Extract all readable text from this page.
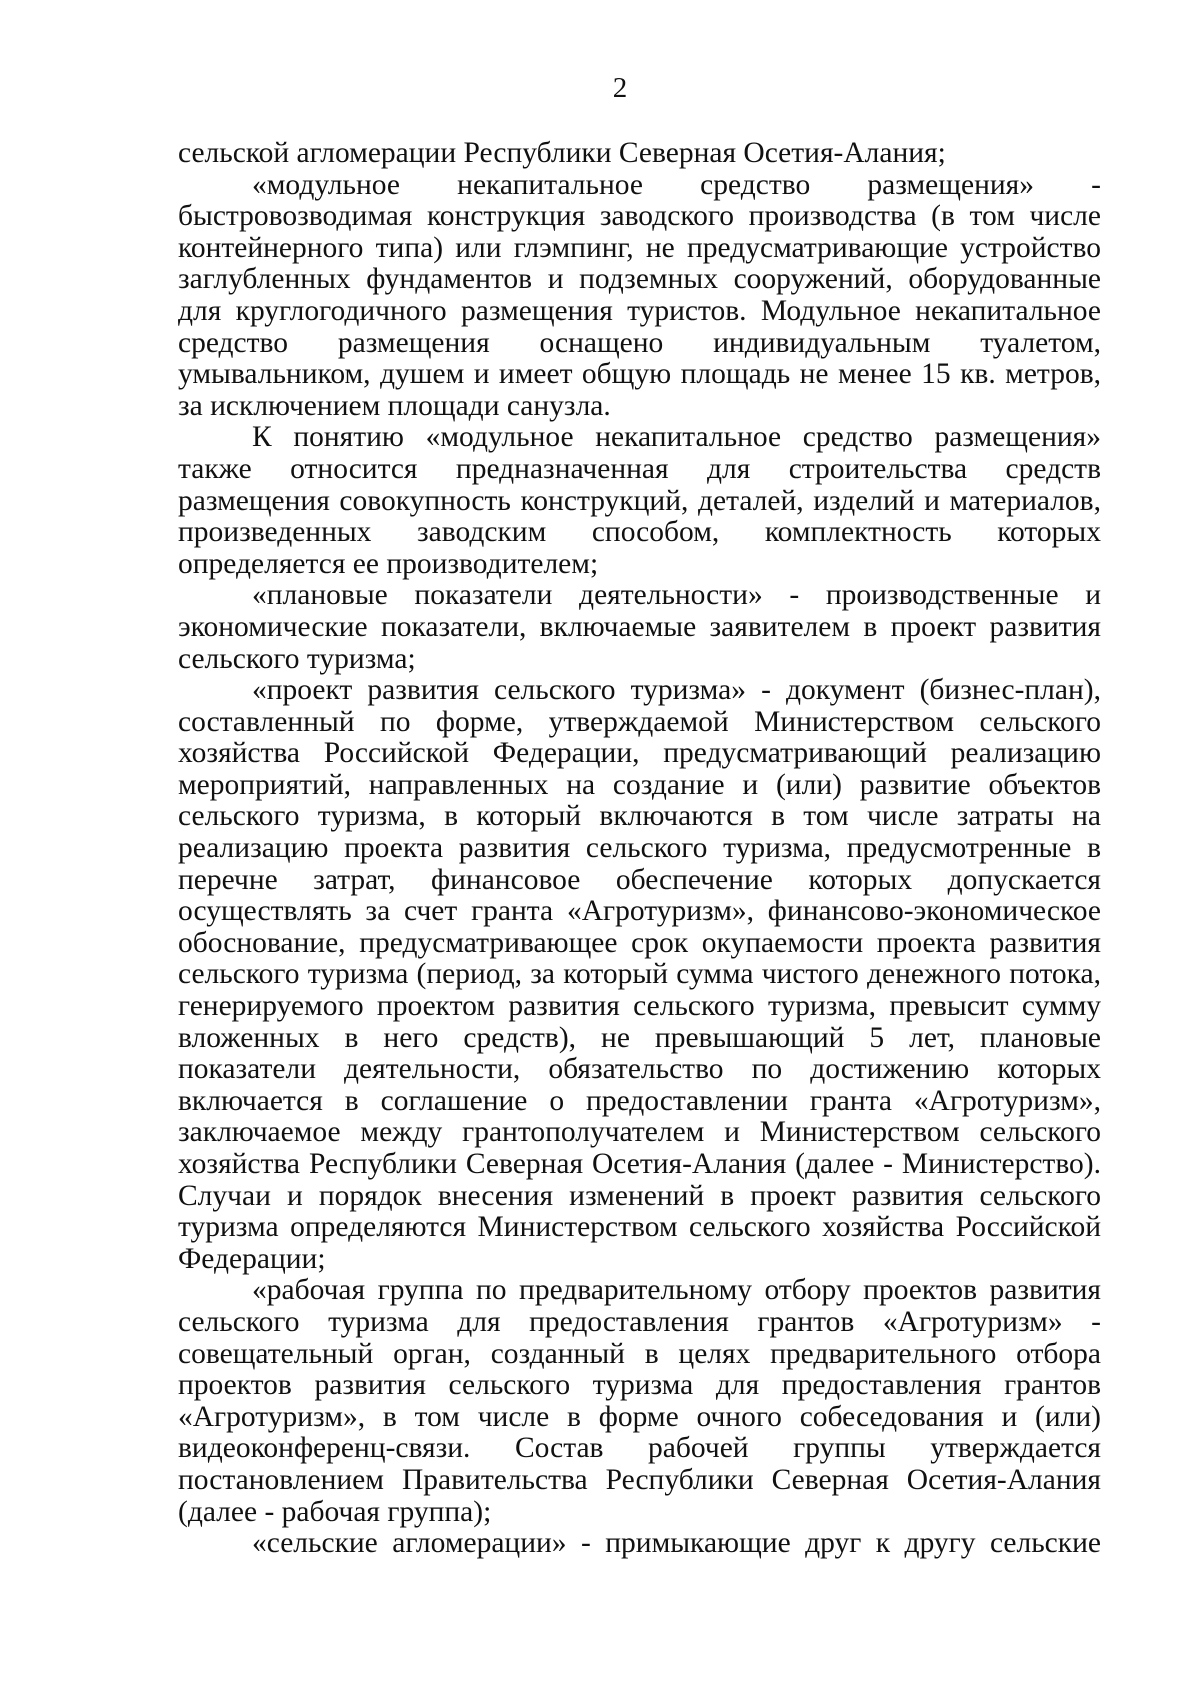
2

сельской агломерации Республики Северная Осетия-Алания;

«модульное некапитальное средство размещения» - быстровозводимая конструкция заводского производства (в том числе контейнерного типа) или глэмпинг, не предусматривающие устройство заглубленных фундаментов и подземных сооружений, оборудованные для круглогодичного размещения туристов. Модульное некапитальное средство размещения оснащено индивидуальным туалетом, умывальником, душем и имеет общую площадь не менее 15 кв. метров, за исключением площади санузла.

К понятию «модульное некапитальное средство размещения» также относится предназначенная для строительства средств размещения совокупность конструкций, деталей, изделий и материалов, произведенных заводским способом, комплектность которых определяется ее производителем;

«плановые показатели деятельности» - производственные и экономические показатели, включаемые заявителем в проект развития сельского туризма;

«проект развития сельского туризма» - документ (бизнес-план), составленный по форме, утверждаемой Министерством сельского хозяйства Российской Федерации, предусматривающий реализацию мероприятий, направленных на создание и (или) развитие объектов сельского туризма, в который включаются в том числе затраты на реализацию проекта развития сельского туризма, предусмотренные в перечне затрат, финансовое обеспечение которых допускается осуществлять за счет гранта «Агротуризм», финансово-экономическое обоснование, предусматривающее срок окупаемости проекта развития сельского туризма (период, за который сумма чистого денежного потока, генерируемого проектом развития сельского туризма, превысит сумму вложенных в него средств), не превышающий 5 лет, плановые показатели деятельности, обязательство по достижению которых включается в соглашение о предоставлении гранта «Агротуризм», заключаемое между грантополучателем и Министерством сельского хозяйства Республики Северная Осетия-Алания (далее - Министерство). Случаи и порядок внесения изменений в проект развития сельского туризма определяются Министерством сельского хозяйства Российской Федерации;

«рабочая группа по предварительному отбору проектов развития сельского туризма для предоставления грантов «Агротуризм» - совещательный орган, созданный в целях предварительного отбора проектов развития сельского туризма для предоставления грантов «Агротуризм», в том числе в форме очного собеседования и (или) видеоконференц-связи. Состав рабочей группы утверждается постановлением Правительства Республики Северная Осетия-Алания (далее - рабочая группа);

«сельские агломерации» - примыкающие друг к другу сельские
